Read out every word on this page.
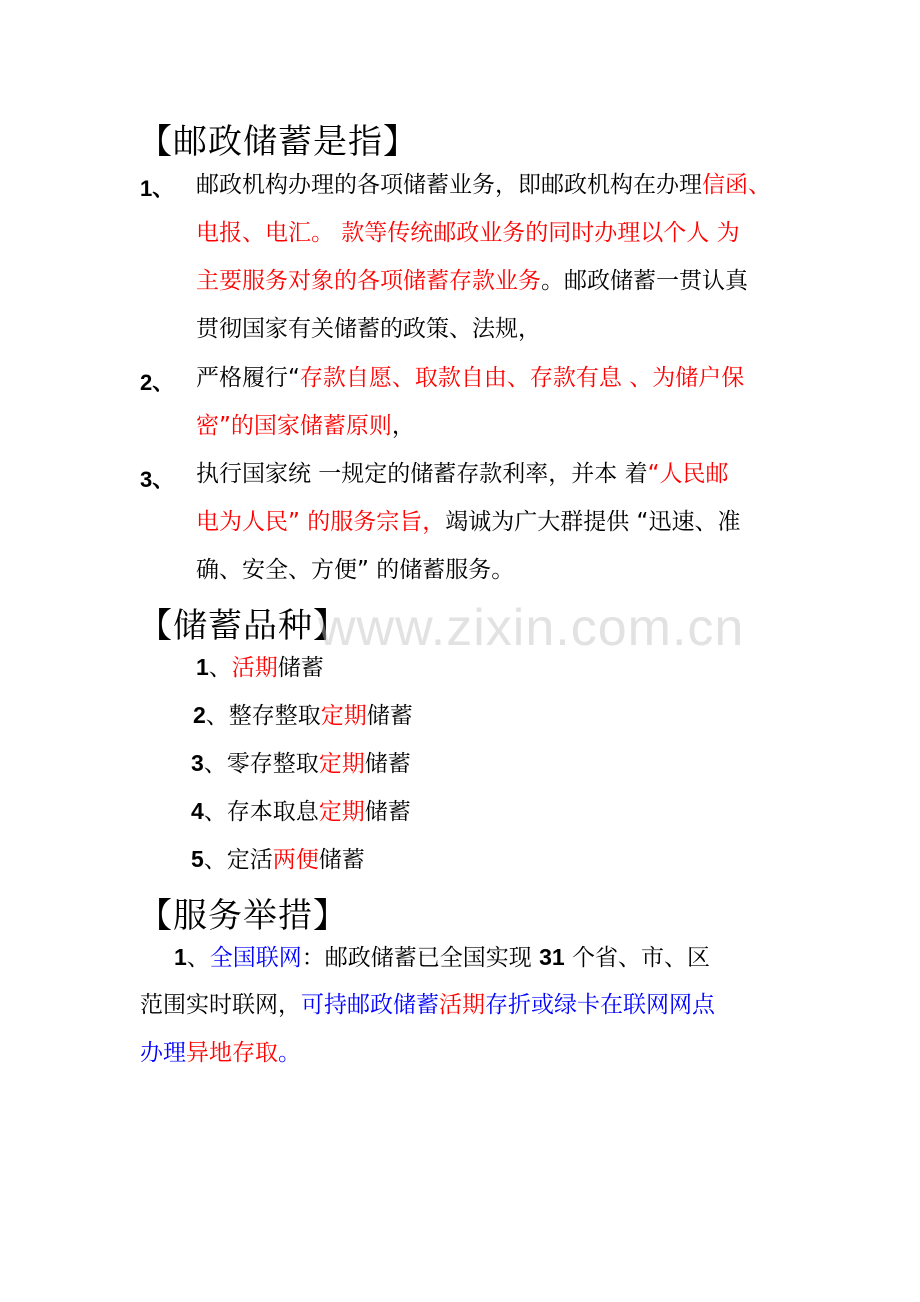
【邮政储蓄是指】
1、 邮政机构办理的各项储蓄业务，即邮政机构在办理信函、
电报、电汇。 款等传统邮政业务的同时办理以个人 为
主要服务对象的各项储蓄存款业务。邮政储蓄一贯认真
贯彻国家有关储蓄的政策、法规，
2、 严格履行“存款自愿、取款自由、存款有息 、为储户保
密”的国家储蓄原则，
3、 执行国家统 一规定的储蓄存款利率，并本 着“人民邮
电为人民” 的服务宗旨，竭诚为广大群提供 “迅速、准
确、安全、方便” 的储蓄服务。
【储蓄品种】
1、活期储蓄
2、整存整取定期储蓄
3、零存整取定期储蓄
4、存本取息定期储蓄
5、定活两便储蓄
【服务举措】
1、全国联网：邮政储蓄已全国实现 31 个省、市、区
范围实时联网，可持邮政储蓄活期存折或绿卡在联网网点
办理异地存取。
www.zixin.com.cn
